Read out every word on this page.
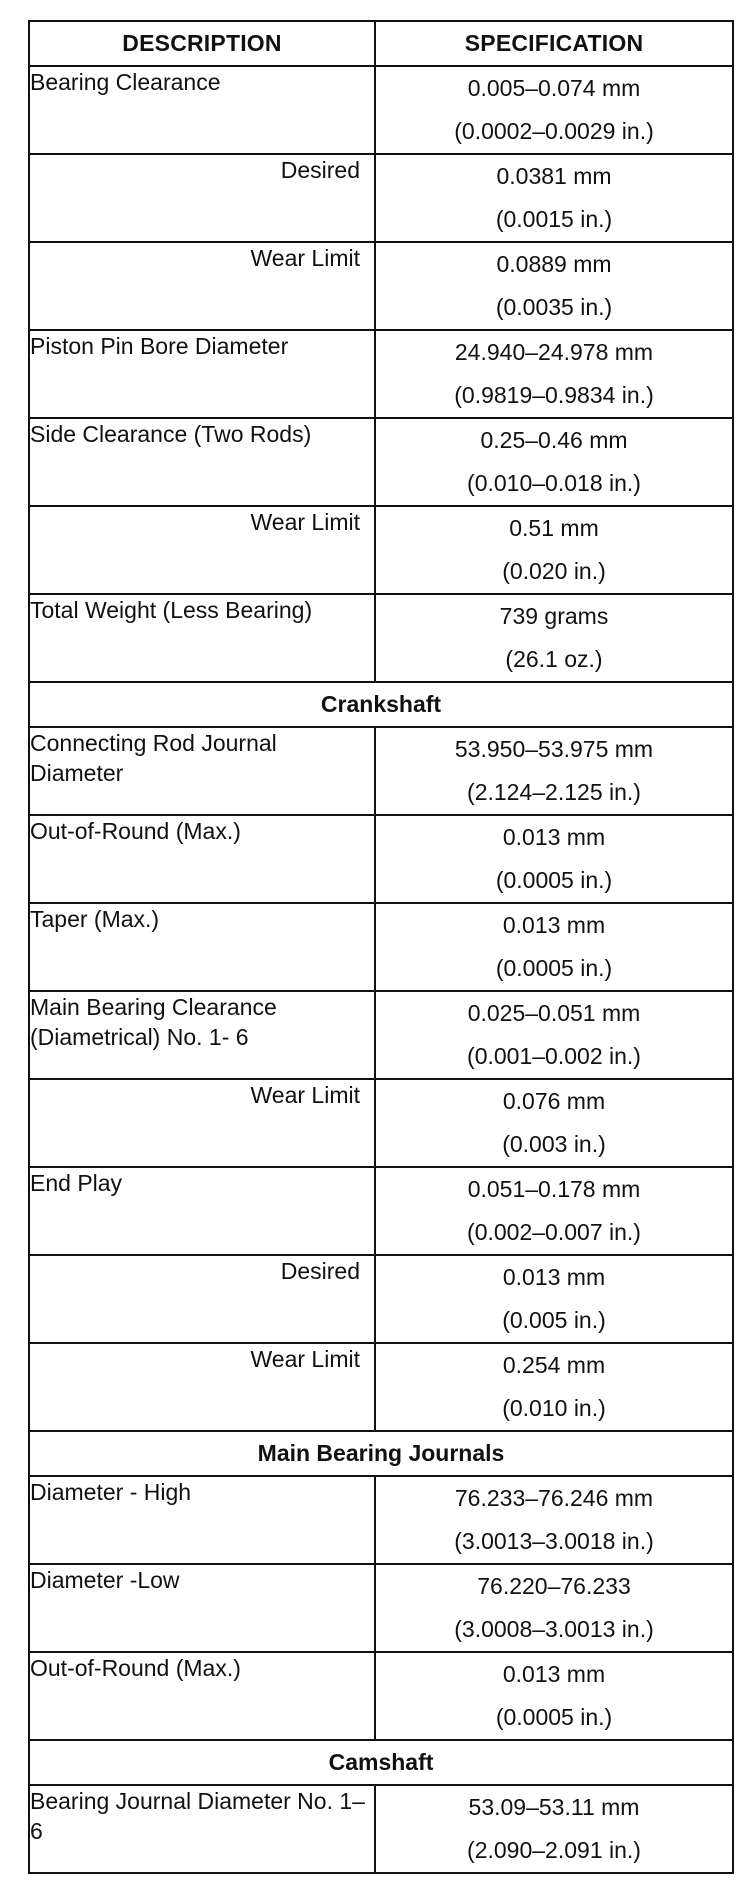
DESCRIPTION	SPECIFICATION
Bearing Clearance	0.005–0.074 mm
(0.0002–0.0029 in.)

Desired	0.0381 mm
(0.0015 in.)

Wear Limit	0.0889 mm
(0.0035 in.)

Piston Pin Bore Diameter	24.940–24.978 mm
(0.9819–0.9834 in.)

Side Clearance (Two Rods)	0.25–0.46 mm
(0.010–0.018 in.)

Wear Limit	0.51 mm
(0.020 in.)

Total Weight (Less Bearing)	739 grams
(26.1 oz.)

Crankshaft	
Connecting Rod Journal Diameter	53.950–53.975 mm
(2.124–2.125 in.)

Out-of-Round (Max.)	0.013 mm
(0.0005 in.)

Taper (Max.)	0.013 mm
(0.0005 in.)

Main Bearing Clearance (Diametrical) No. 1- 6	0.025–0.051 mm
(0.001–0.002 in.)

Wear Limit	0.076 mm
(0.003 in.)

End Play	0.051–0.178 mm
(0.002–0.007 in.)

Desired	0.013 mm
(0.005 in.)

Wear Limit	0.254 mm
(0.010 in.)

Main Bearing Journals	
Diameter - High	76.233–76.246 mm
(3.0013–3.0018 in.)

Diameter -Low	76.220–76.233
(3.0008–3.0013 in.)

Out-of-Round (Max.)	0.013 mm
(0.0005 in.)

Camshaft	
Bearing Journal Diameter No. 1–6	53.09–53.11 mm
(2.090–2.091 in.)
